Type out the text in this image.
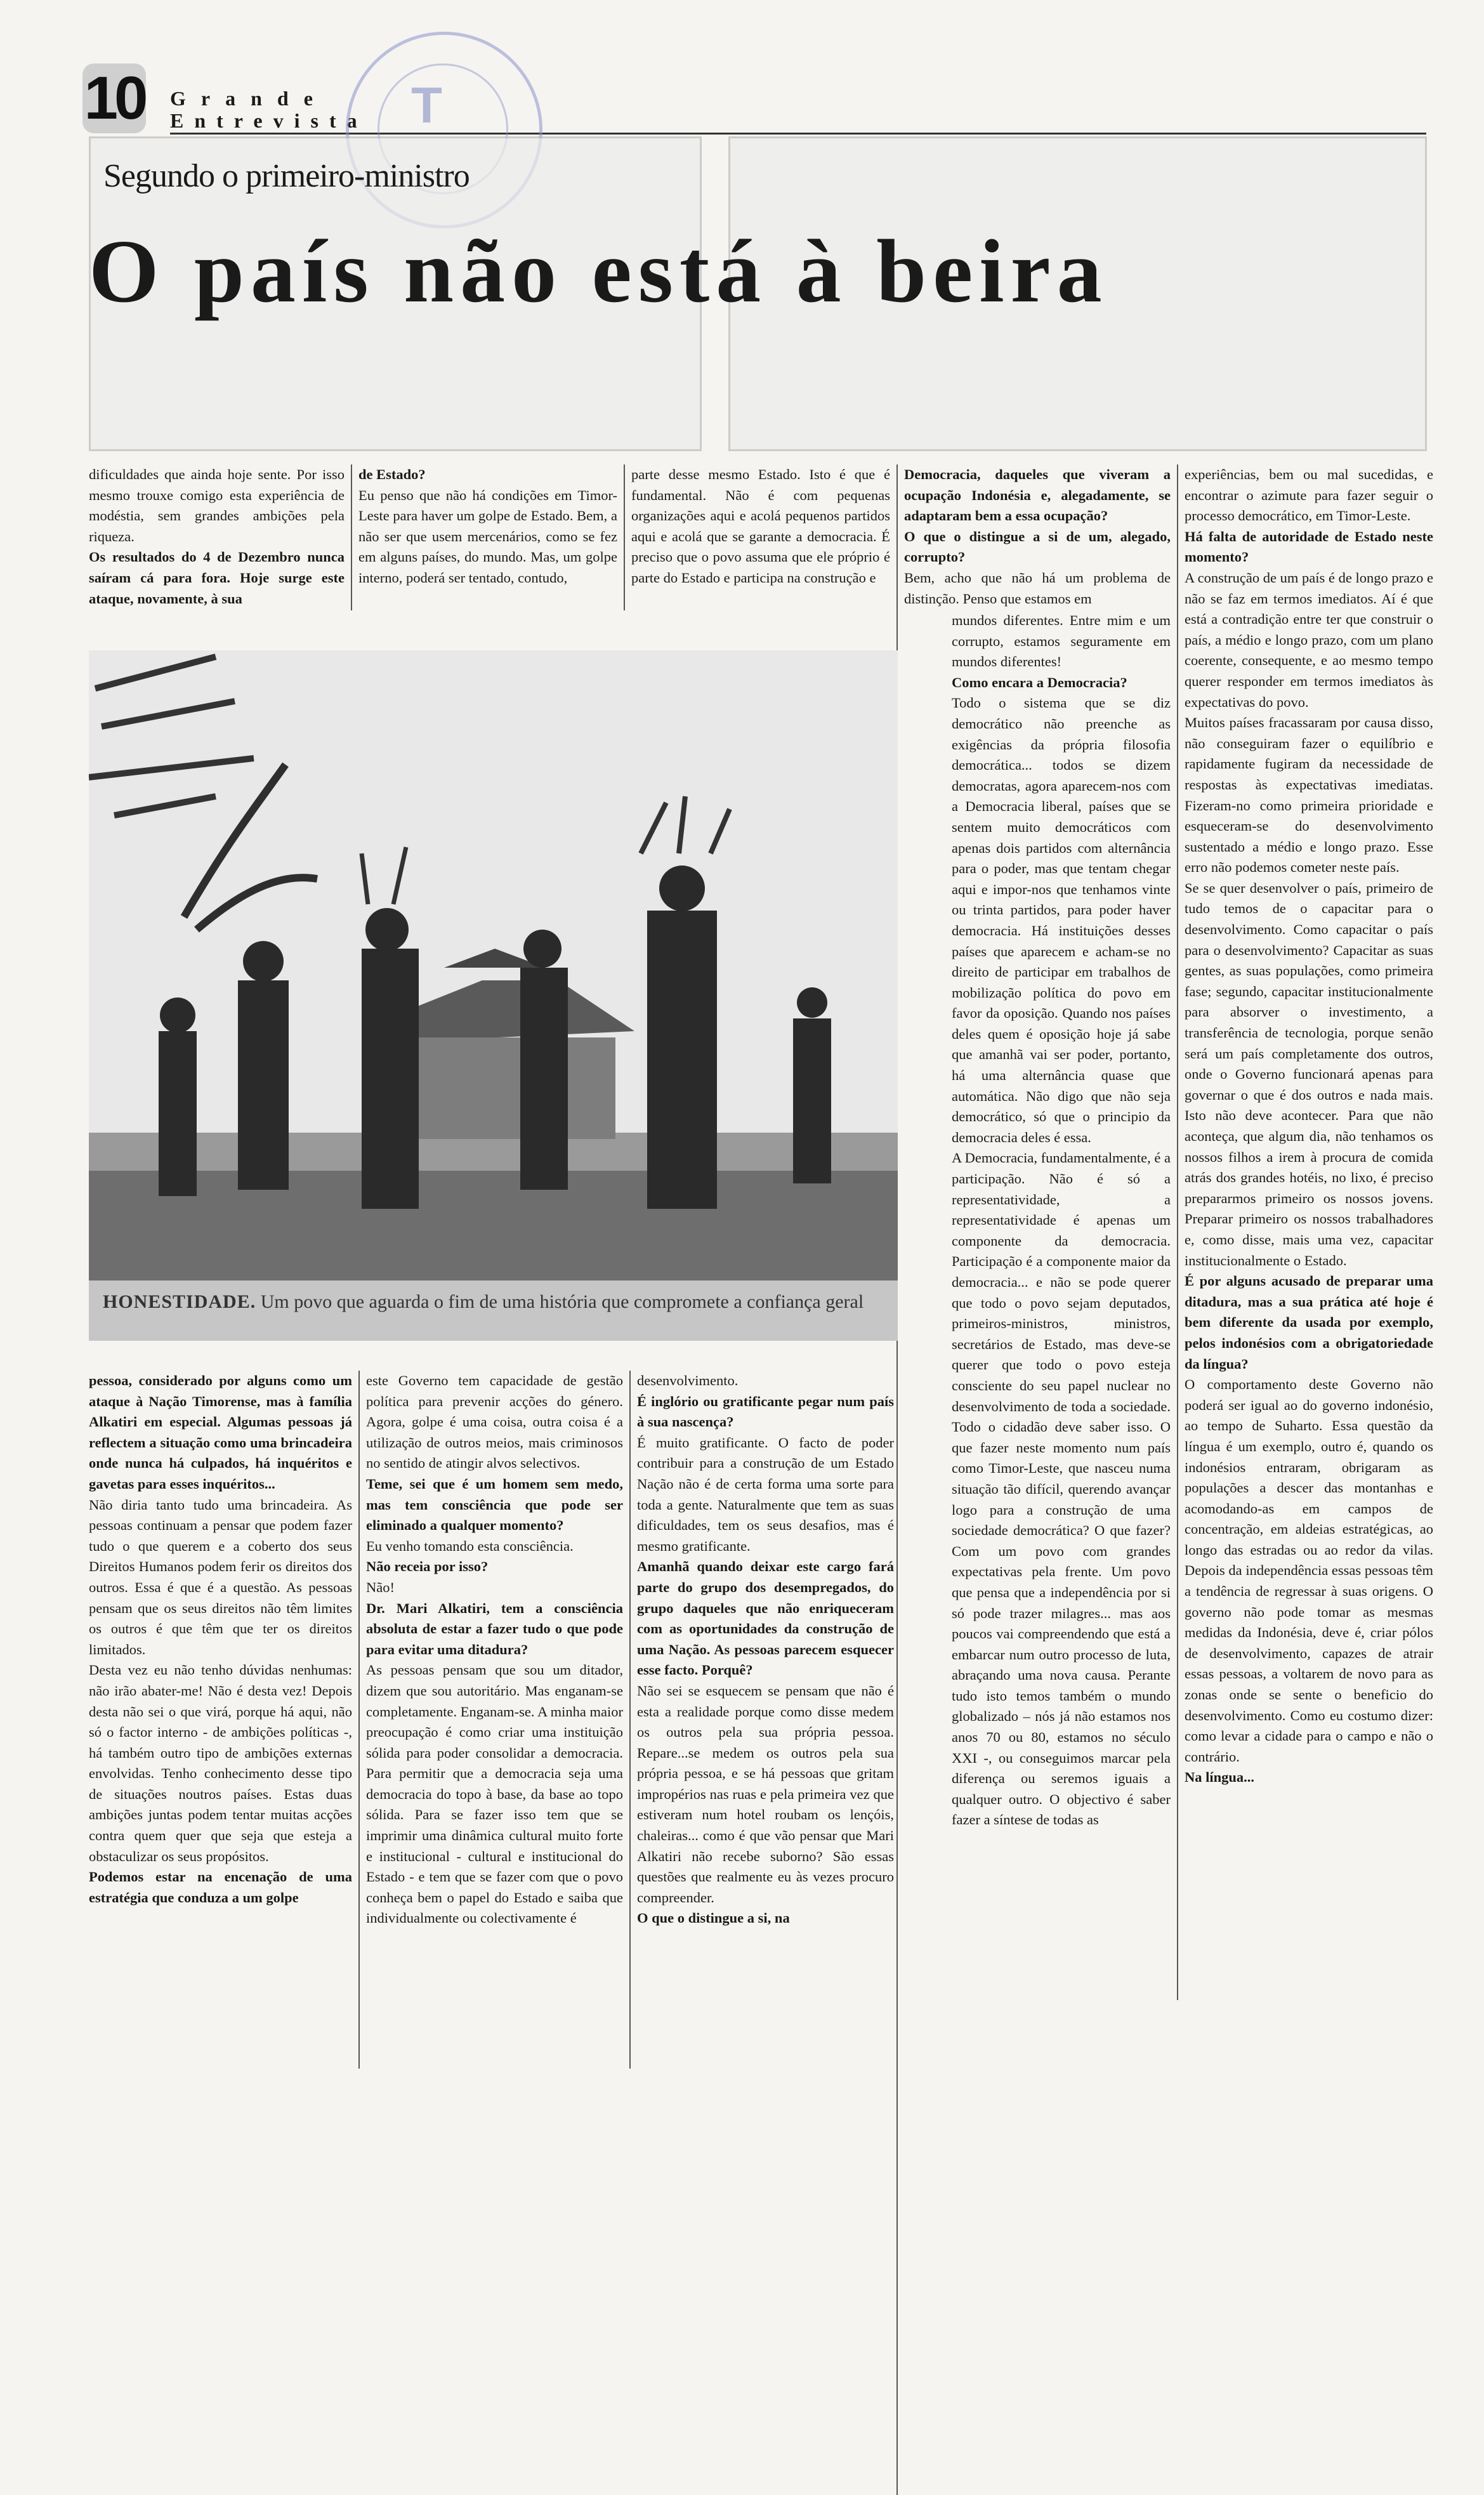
10 Grande
Entrevista T
Segundo o primeiro-ministro
O país não está à beira

dificuldades que ainda hoje sente. Por isso mesmo trouxe comigo esta experiência de modéstia, sem grandes ambições pela riqueza.

Os resultados do 4 de Dezembro nunca saíram cá para fora. Hoje surge este ataque, novamente, à sua

de Estado?

Eu penso que não há condições em Timor-Leste para haver um golpe de Estado. Bem, a não ser que usem mercenários, como se fez em alguns países, do mundo. Mas, um golpe interno, poderá ser tentado, contudo,

parte desse mesmo Estado. Isto é que é fundamental. Não é com pequenas organizações aqui e acolá pequenos partidos aqui e acolá que se garante a democracia. É preciso que o povo assuma que ele próprio é parte do Estado e participa na construção e

Democracia, daqueles que viveram a ocupação Indonésia e, alegadamente, se adaptaram bem a essa ocupação?

O que o distingue a si de um, alegado, corrupto?

Bem, acho que não há um problema de distinção. Penso que estamos em

mundos diferentes. Entre mim e um corrupto, estamos seguramente em mundos diferentes!

Como encara a Democracia?

Todo o sistema que se diz democrático não preenche as exigências da própria filosofia democrática... todos se dizem democratas, agora aparecem-nos com a Democracia liberal, países que se sentem muito democráticos com apenas dois partidos com alternância para o poder, mas que tentam chegar aqui e impor-nos que tenhamos vinte ou trinta partidos, para poder haver democracia. Há instituições desses países que aparecem e acham-se no direito de participar em trabalhos de mobilização política do povo em favor da oposição. Quando nos países deles quem é oposição hoje já sabe que amanhã vai ser poder, portanto, há uma alternância quase que automática. Não digo que não seja democrático, só que o principio da democracia deles é essa.

A Democracia, fundamentalmente, é a participação. Não é só a representatividade, a representatividade é apenas um componente da democracia. Participação é a componente maior da democracia... e não se pode querer que todo o povo sejam deputados, primeiros-ministros, ministros, secretários de Estado, mas deve-se querer que todo o povo esteja consciente do seu papel nuclear no desenvolvimento de toda a sociedade. Todo o cidadão deve saber isso. O que fazer neste momento num país como Timor-Leste, que nasceu numa situação tão difícil, querendo avançar logo para a construção de uma sociedade democrática? O que fazer? Com um povo com grandes expectativas pela frente. Um povo que pensa que a independência por si só pode trazer milagres... mas aos poucos vai compreendendo que está a embarcar num outro processo de luta, abraçando uma nova causa. Perante tudo isto temos também o mundo globalizado – nós já não estamos nos anos 70 ou 80, estamos no século XXI -, ou conseguimos marcar pela diferença ou seremos iguais a qualquer outro. O objectivo é saber fazer a síntese de todas as

experiências, bem ou mal sucedidas, e encontrar o azimute para fazer seguir o processo democrático, em Timor-Leste.

Há falta de autoridade de Estado neste momento?

A construção de um país é de longo prazo e não se faz em termos imediatos. Aí é que está a contradição entre ter que construir o país, a médio e longo prazo, com um plano coerente, consequente, e ao mesmo tempo querer responder em termos imediatos às expectativas do povo.

Muitos países fracassaram por causa disso, não conseguiram fazer o equilíbrio e rapidamente fugiram da necessidade de respostas às expectativas imediatas. Fizeram-no como primeira prioridade e esqueceram-se do desenvolvimento sustentado a médio e longo prazo. Esse erro não podemos cometer neste país.

Se se quer desenvolver o país, primeiro de tudo temos de o capacitar para o desenvolvimento. Como capacitar o país para o desenvolvimento? Capacitar as suas gentes, as suas populações, como primeira fase; segundo, capacitar institucionalmente para absorver o investimento, a transferência de tecnologia, porque senão será um país completamente dos outros, onde o Governo funcionará apenas para governar o que é dos outros e nada mais. Isto não deve acontecer. Para que não aconteça, que algum dia, não tenhamos os nossos filhos a irem à procura de comida atrás dos grandes hotéis, no lixo, é preciso prepararmos primeiro os nossos jovens. Preparar primeiro os nossos trabalhadores e, como disse, mais uma vez, capacitar institucionalmente o Estado.

É por alguns acusado de preparar uma ditadura, mas a sua prática até hoje é bem diferente da usada por exemplo, pelos indonésios com a obrigatoriedade da língua?

O comportamento deste Governo não poderá ser igual ao do governo indonésio, ao tempo de Suharto. Essa questão da língua é um exemplo, outro é, quando os indonésios entraram, obrigaram as populações a descer das montanhas e acomodando-as em campos de concentração, em aldeias estratégicas, ao longo das estradas ou ao redor da vilas. Depois da independência essas pessoas têm a tendência de regressar à suas origens. O governo não pode tomar as mesmas medidas da Indonésia, deve é, criar pólos de desenvolvimento, capazes de atrair essas pessoas, a voltarem de novo para as zonas onde se sente o beneficio do desenvolvimento. Como eu costumo dizer: como levar a cidade para o campo e não o contrário.

Na língua...

HONESTIDADE. Um povo que aguarda o fim de uma história que compromete a confiança geral

pessoa, considerado por alguns como um ataque à Nação Timorense, mas à família Alkatiri em especial. Algumas pessoas já reflectem a situação como uma brincadeira onde nunca há culpados, há inquéritos e gavetas para esses inquéritos...

Não diria tanto tudo uma brincadeira. As pessoas continuam a pensar que podem fazer tudo o que querem e a coberto dos seus Direitos Humanos podem ferir os direitos dos outros. Essa é que é a questão. As pessoas pensam que os seus direitos não têm limites os outros é que têm que ter os direitos limitados.

Desta vez eu não tenho dúvidas nenhumas: não irão abater-me! Não é desta vez! Depois desta não sei o que virá, porque há aqui, não só o factor interno - de ambições políticas -, há também outro tipo de ambições externas envolvidas. Tenho conhecimento desse tipo de situações noutros países. Estas duas ambições juntas podem tentar muitas acções contra quem quer que seja que esteja a obstaculizar os seus propósitos.

Podemos estar na encenação de uma estratégia que conduza a um golpe

este Governo tem capacidade de gestão política para prevenir acções do género. Agora, golpe é uma coisa, outra coisa é a utilização de outros meios, mais criminosos no sentido de atingir alvos selectivos.

Teme, sei que é um homem sem medo, mas tem consciência que pode ser eliminado a qualquer momento?

Eu venho tomando esta consciência.

Não receia por isso?

Não!

Dr. Mari Alkatiri, tem a consciência absoluta de estar a fazer tudo o que pode para evitar uma ditadura?

As pessoas pensam que sou um ditador, dizem que sou autoritário. Mas enganam-se completamente. Enganam-se. A minha maior preocupação é como criar uma instituição sólida para poder consolidar a democracia. Para permitir que a democracia seja uma democracia do topo à base, da base ao topo sólida. Para se fazer isso tem que se imprimir uma dinâmica cultural muito forte e institucional - cultural e institucional do Estado - e tem que se fazer com que o povo conheça bem o papel do Estado e saiba que individualmente ou colectivamente é

desenvolvimento.

É inglório ou gratificante pegar num país à sua nascença?

É muito gratificante. O facto de poder contribuir para a construção de um Estado Nação não é de certa forma uma sorte para toda a gente. Naturalmente que tem as suas dificuldades, tem os seus desafios, mas é mesmo gratificante.

Amanhã quando deixar este cargo fará parte do grupo dos desempregados, do grupo daqueles que não enriqueceram com as oportunidades da construção de uma Nação. As pessoas parecem esquecer esse facto. Porquê?

Não sei se esquecem se pensam que não é esta a realidade porque como disse medem os outros pela sua própria pessoa. Repare...se medem os outros pela sua própria pessoa, e se há pessoas que gritam impropérios nas ruas e pela primeira vez que estiveram num hotel roubam os lençóis, chaleiras... como é que vão pensar que Mari Alkatiri não recebe suborno? São essas questões que realmente eu às vezes procuro compreender.

O que o distingue a si, na
